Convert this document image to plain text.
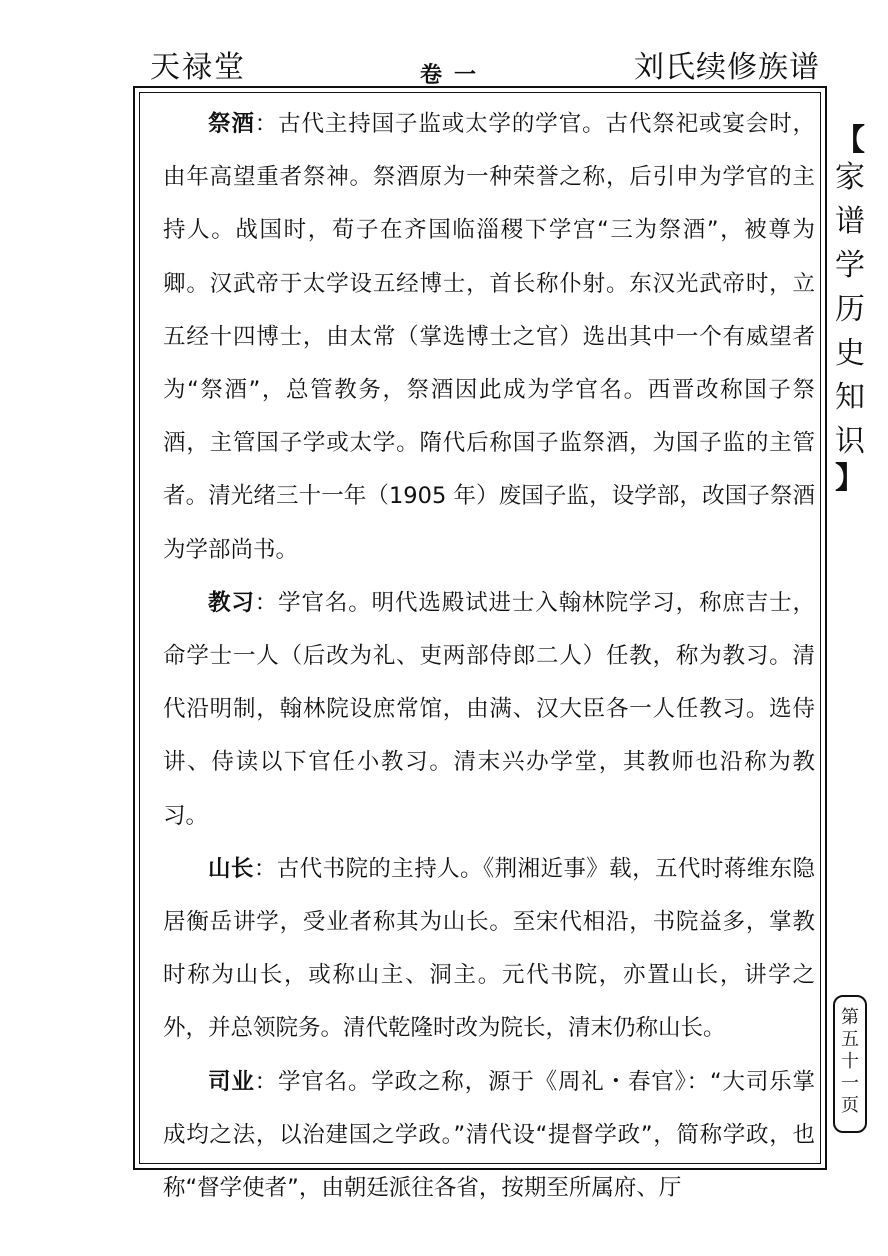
天禄堂	卷一	刘氏续修族谱

祭酒：古代主持国子监或太学的学官。古代祭祀或宴会时，由年高望重者祭神。祭酒原为一种荣誉之称，后引申为学官的主持人。战国时，荀子在齐国临淄稷下学宫“三为祭酒”，被尊为卿。汉武帝于太学设五经博士，首长称仆射。东汉光武帝时，立五经十四博士，由太常（掌选博士之官）选出其中一个有威望者为“祭酒”，总管教务，祭酒因此成为学官名。西晋改称国子祭酒，主管国子学或太学。隋代后称国子监祭酒，为国子监的主管者。清光绪三十一年（1905 年）废国子监，设学部，改国子祭酒为学部尚书。

教习：学官名。明代选殿试进士入翰林院学习，称庶吉士，命学士一人（后改为礼、吏两部侍郎二人）任教，称为教习。清代沿明制，翰林院设庶常馆，由满、汉大臣各一人任教习。选侍讲、侍读以下官任小教习。清末兴办学堂，其教师也沿称为教习。

山长：古代书院的主持人。《荆湘近事》载，五代时蒋维东隐居衡岳讲学，受业者称其为山长。至宋代相沿，书院益多，掌教时称为山长，或称山主、洞主。元代书院，亦置山长，讲学之外，并总领院务。清代乾隆时改为院长，清末仍称山长。

司业：学官名。学政之称，源于《周礼・春官》：“大司乐掌成均之法，以治建国之学政。”清代设“提督学政”，简称学政，也称“督学使者”，由朝廷派往各省，按期至所属府、厅

【
家
谱
学
历
史
知
识
】
第
五
十
一
页
